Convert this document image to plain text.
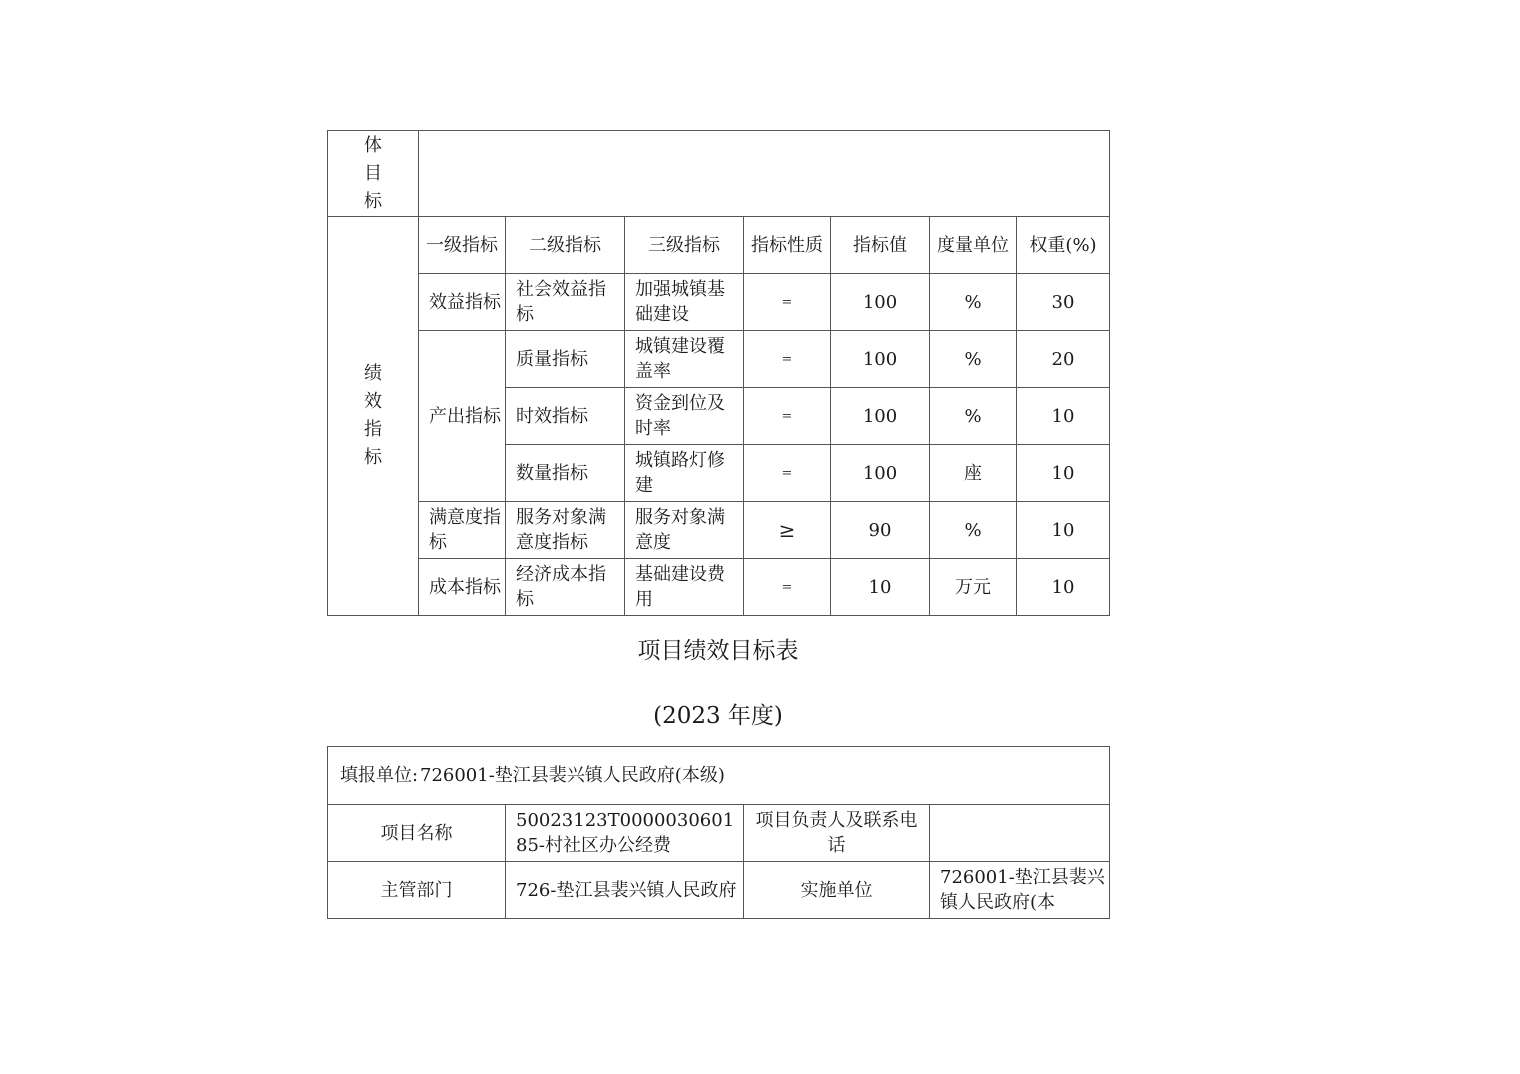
体
目
标							

绩
效
指
标	一级指标	二级指标	三级指标	指标性质	指标值	度量单位	权重(%)
	效益指标	社会效益指标	加强城镇基础建设	=	100	%	30
	产出指标	质量指标	城镇建设覆盖率	=	100	%	20
		时效指标	资金到位及时率	=	100	%	10
		数量指标	城镇路灯修建	=	100	座	10
	满意度指标	服务对象满意度指标	服务对象满意度	≥	90	%	10
	成本指标	经济成本指标	基础建设费用	=	10	万元	10
项目绩效目标表
(2023 年度)
填报单位: 726001-垫江县裴兴镇人民政府(本级)			
项目名称	50023123T000003060185-村社区办公经费	项目负责人及联系电话	
主管部门	726-垫江县裴兴镇人民政府	实施单位	726001-垫江县裴兴镇人民政府(本
